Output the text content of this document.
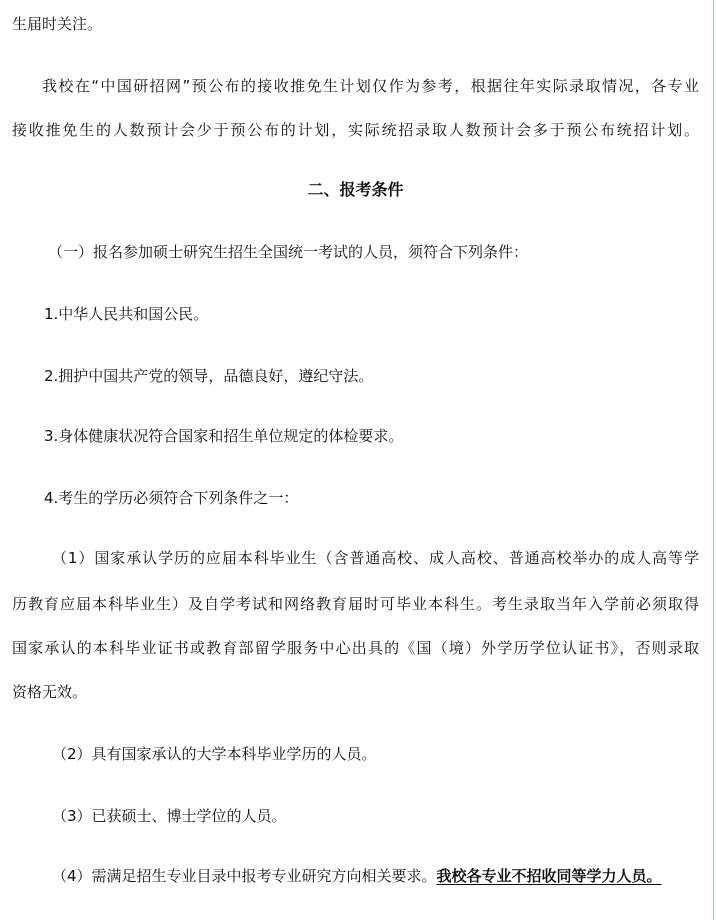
生届时关注。
我校在“中国研招网”预公布的接收推免生计划仅作为参考，根据往年实际录取情况，各专业
接收推免生的人数预计会少于预公布的计划，实际统招录取人数预计会多于预公布统招计划。
二、报考条件
（一）报名参加硕士研究生招生全国统一考试的人员，须符合下列条件：
1.中华人民共和国公民。
2.拥护中国共产党的领导，品德良好，遵纪守法。
3.身体健康状况符合国家和招生单位规定的体检要求。
4.考生的学历必须符合下列条件之一：
（1）国家承认学历的应届本科毕业生（含普通高校、成人高校、普通高校举办的成人高等学
历教育应届本科毕业生）及自学考试和网络教育届时可毕业本科生。考生录取当年入学前必须取得
国家承认的本科毕业证书或教育部留学服务中心出具的《国（境）外学历学位认证书》，否则录取
资格无效。
（2）具有国家承认的大学本科毕业学历的人员。
（3）已获硕士、博士学位的人员。
（4）需满足招生专业目录中报考专业研究方向相关要求。我校各专业不招收同等学力人员。
